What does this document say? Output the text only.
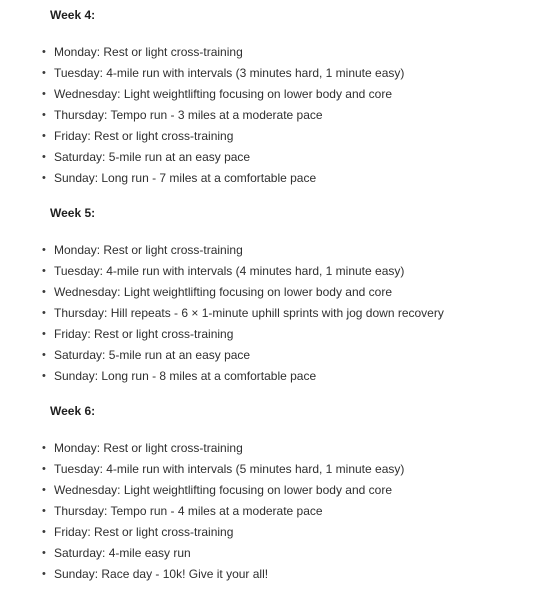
Week 4:
• Monday: Rest or light cross-training
• Tuesday: 4-mile run with intervals (3 minutes hard, 1 minute easy)
• Wednesday: Light weightlifting focusing on lower body and core
• Thursday: Tempo run - 3 miles at a moderate pace
• Friday: Rest or light cross-training
• Saturday: 5-mile run at an easy pace
• Sunday: Long run - 7 miles at a comfortable pace
Week 5:
• Monday: Rest or light cross-training
• Tuesday: 4-mile run with intervals (4 minutes hard, 1 minute easy)
• Wednesday: Light weightlifting focusing on lower body and core
• Thursday: Hill repeats - 6 × 1-minute uphill sprints with jog down recovery
• Friday: Rest or light cross-training
• Saturday: 5-mile run at an easy pace
• Sunday: Long run - 8 miles at a comfortable pace
Week 6:
• Monday: Rest or light cross-training
• Tuesday: 4-mile run with intervals (5 minutes hard, 1 minute easy)
• Wednesday: Light weightlifting focusing on lower body and core
• Thursday: Tempo run - 4 miles at a moderate pace
• Friday: Rest or light cross-training
• Saturday: 4-mile easy run
• Sunday: Race day - 10k! Give it your all!
